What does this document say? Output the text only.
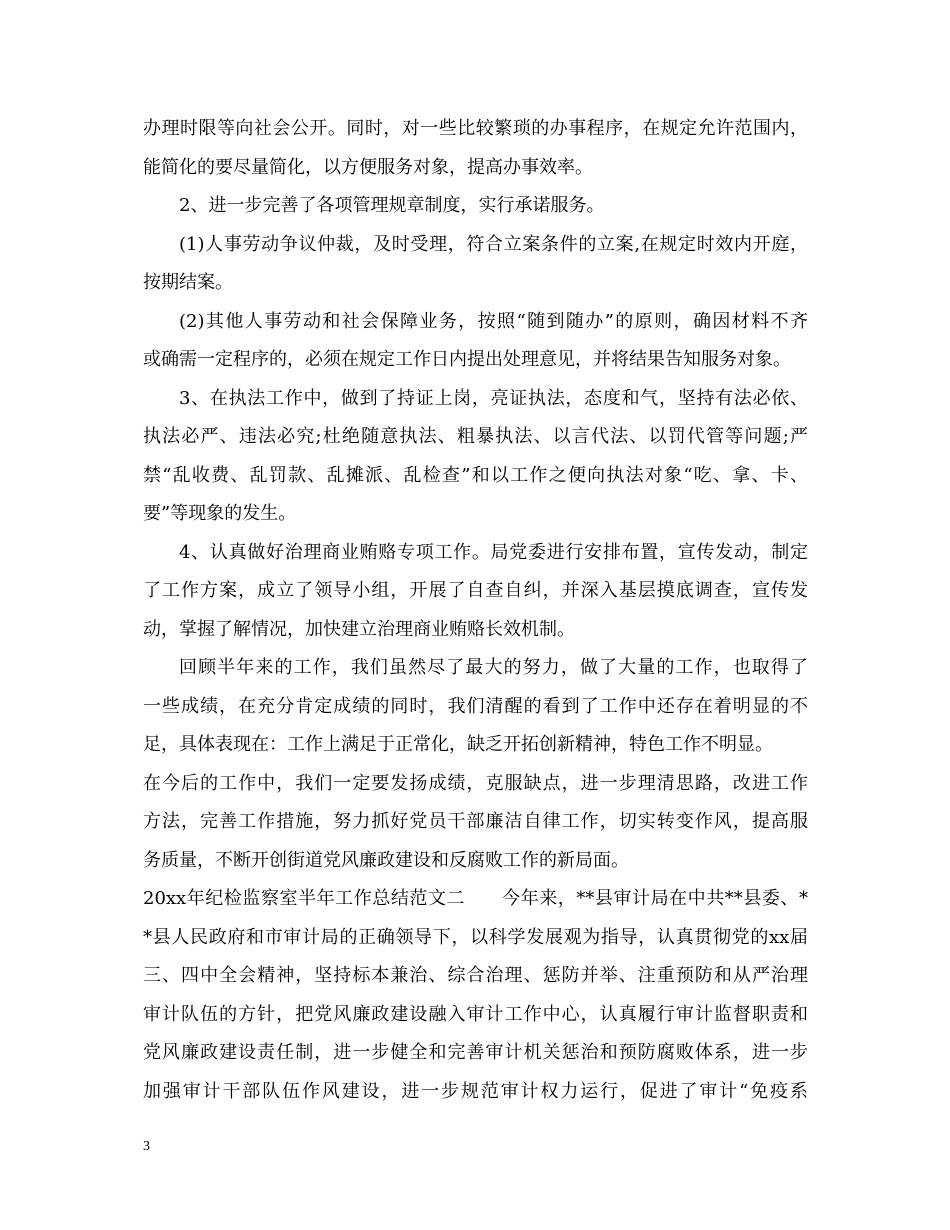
办理时限等向社会公开。同时，对一些比较繁琐的办事程序，在规定允许范围内，
能简化的要尽量简化，以方便服务对象，提高办事效率。
2、进一步完善了各项管理规章制度，实行承诺服务。
(1)人事劳动争议仲裁，及时受理，符合立案条件的立案,在规定时效内开庭，
按期结案。
(2)其他人事劳动和社会保障业务，按照“随到随办”的原则，确因材料不齐
或确需一定程序的，必须在规定工作日内提出处理意见，并将结果告知服务对象。
3、在执法工作中，做到了持证上岗，亮证执法，态度和气，坚持有法必依、
执法必严、违法必究;杜绝随意执法、粗暴执法、以言代法、以罚代管等问题;严
禁“乱收费、乱罚款、乱摊派、乱检查”和以工作之便向执法对象“吃、拿、卡、
要”等现象的发生。
4、认真做好治理商业贿赂专项工作。局党委进行安排布置，宣传发动，制定
了工作方案，成立了领导小组，开展了自查自纠，并深入基层摸底调查，宣传发
动，掌握了解情况，加快建立治理商业贿赂长效机制。
回顾半年来的工作，我们虽然尽了最大的努力，做了大量的工作，也取得了
一些成绩，在充分肯定成绩的同时，我们清醒的看到了工作中还存在着明显的不
足，具体表现在：工作上满足于正常化，缺乏开拓创新精神，特色工作不明显。
在今后的工作中，我们一定要发扬成绩，克服缺点，进一步理清思路，改进工作
方法，完善工作措施，努力抓好党员干部廉洁自律工作，切实转变作风，提高服
务质量，不断开创街道党风廉政建设和反腐败工作的新局面。
20xx年纪检监察室半年工作总结范文二　　今年来，**县审计局在中共**县委、*
*县人民政府和市审计局的正确领导下，以科学发展观为指导，认真贯彻党的xx届
三、四中全会精神，坚持标本兼治、综合治理、惩防并举、注重预防和从严治理
审计队伍的方针，把党风廉政建设融入审计工作中心，认真履行审计监督职责和
党风廉政建设责任制，进一步健全和完善审计机关惩治和预防腐败体系，进一步
加强审计干部队伍作风建设，进一步规范审计权力运行，促进了审计“免疫系
3
